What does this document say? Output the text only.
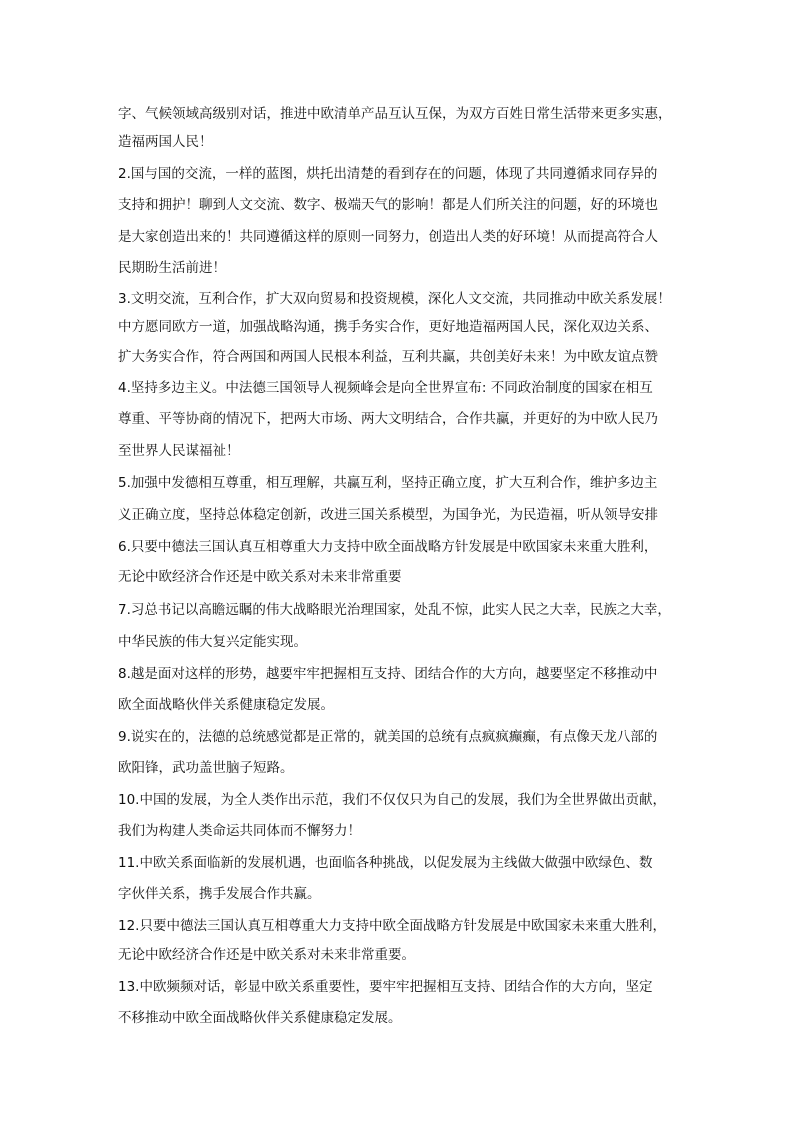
字、气候领域高级别对话，推进中欧清单产品互认互保，为双方百姓日常生活带来更多实惠，
造福两国人民！
2.国与国的交流，一样的蓝图，烘托出清楚的看到存在的问题，体现了共同遵循求同存异的
支持和拥护！聊到人文交流、数字、极端天气的影响！都是人们所关注的问题，好的环境也
是大家创造出来的！共同遵循这样的原则一同努力，创造出人类的好环境！从而提高符合人
民期盼生活前进！
3.文明交流，互利合作，扩大双向贸易和投资规模，深化人文交流，共同推动中欧关系发展！
中方愿同欧方一道，加强战略沟通，携手务实合作，更好地造福两国人民，深化双边关系、
扩大务实合作，符合两国和两国人民根本利益，互利共赢，共创美好未来！为中欧友谊点赞
4.坚持多边主义。中法德三国领导人视频峰会是向全世界宣布: 不同政治制度的国家在相互
尊重、平等协商的情况下，把两大市场、两大文明结合，合作共赢，并更好的为中欧人民乃
至世界人民谋福祉！
5.加强中发德相互尊重，相互理解，共赢互利，坚持正确立度，扩大互利合作，维护多边主
义正确立度，坚持总体稳定创新，改进三国关系模型，为国争光，为民造福，听从领导安排
6.只要中德法三国认真互相尊重大力支持中欧全面战略方针发展是中欧国家未来重大胜利，
无论中欧经济合作还是中欧关系对未来非常重要
7.习总书记以高瞻远瞩的伟大战略眼光治理国家，处乱不惊，此实人民之大幸，民族之大幸，
中华民族的伟大复兴定能实现。
8.越是面对这样的形势，越要牢牢把握相互支持、团结合作的大方向，越要坚定不移推动中
欧全面战略伙伴关系健康稳定发展。
9.说实在的，法德的总统感觉都是正常的，就美国的总统有点疯疯癫癫，有点像天龙八部的
欧阳锋，武功盖世脑子短路。
10.中国的发展，为全人类作出示范，我们不仅仅只为自己的发展，我们为全世界做出贡献，
我们为构建人类命运共同体而不懈努力！
11.中欧关系面临新的发展机遇，也面临各种挑战，以促发展为主线做大做强中欧绿色、数
字伙伴关系，携手发展合作共赢。
12.只要中德法三国认真互相尊重大力支持中欧全面战略方针发展是中欧国家未来重大胜利，
无论中欧经济合作还是中欧关系对未来非常重要。
13.中欧频频对话，彰显中欧关系重要性，要牢牢把握相互支持、团结合作的大方向，坚定
不移推动中欧全面战略伙伴关系健康稳定发展。
